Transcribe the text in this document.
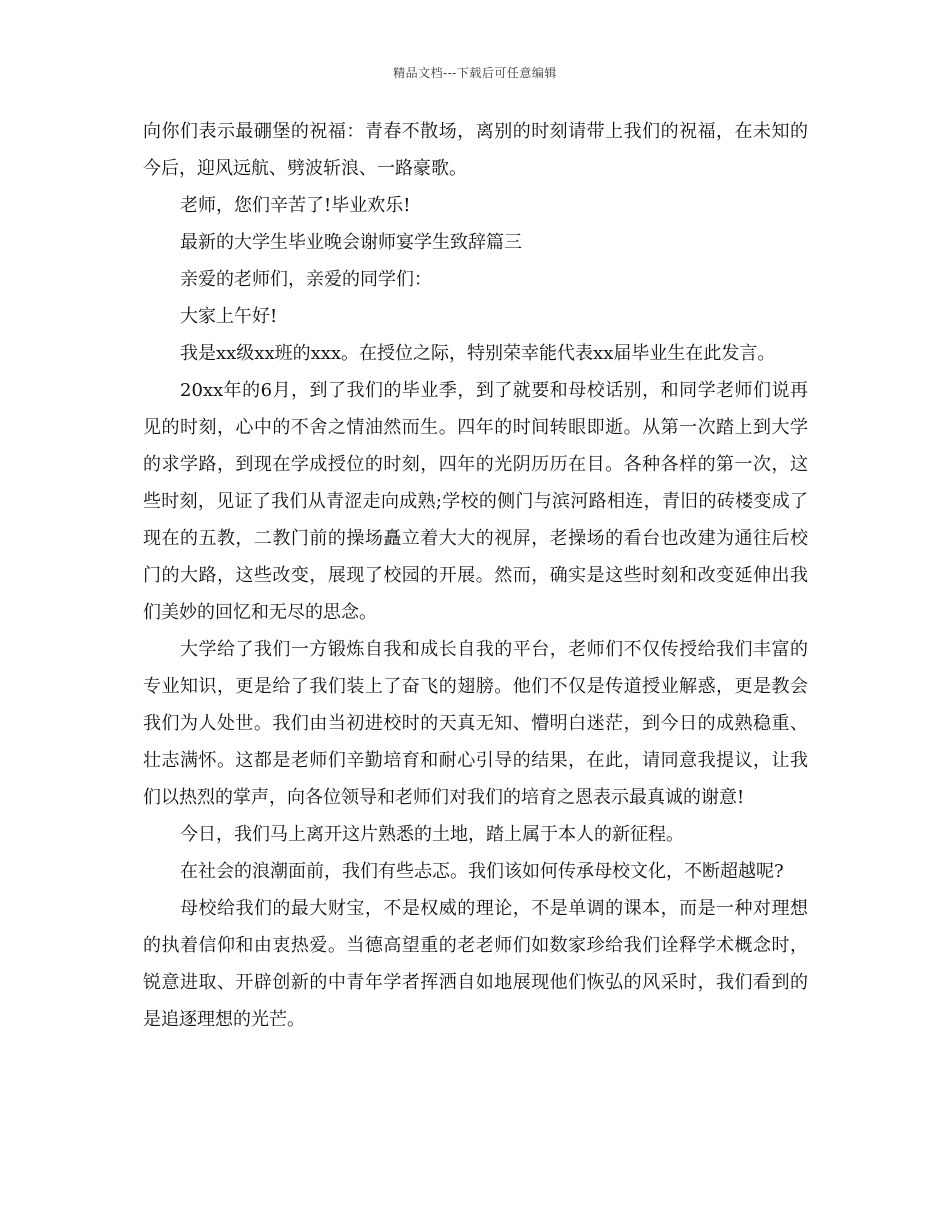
精品文档---下载后可任意编辑

向你们表示最硼堡的祝福：青春不散场，离别的时刻请带上我们的祝福，在未知的今后，迎风远航、劈波斩浪、一路豪歌。

老师，您们辛苦了!毕业欢乐!

最新的大学生毕业晚会谢师宴学生致辞篇三

亲爱的老师们，亲爱的同学们：

大家上午好!

我是xx级xx班的xxx。在授位之际，特别荣幸能代表xx届毕业生在此发言。

20xx年的6月，到了我们的毕业季，到了就要和母校话别，和同学老师们说再见的时刻，心中的不舍之情油然而生。四年的时间转眼即逝。从第一次踏上到大学的求学路，到现在学成授位的时刻，四年的光阴历历在目。各种各样的第一次，这些时刻，见证了我们从青涩走向成熟;学校的侧门与滨河路相连，青旧的砖楼变成了现在的五教，二教门前的操场矗立着大大的视屏，老操场的看台也改建为通往后校门的大路，这些改变，展现了校园的开展。然而，确实是这些时刻和改变延伸出我们美妙的回忆和无尽的思念。

大学给了我们一方锻炼自我和成长自我的平台，老师们不仅传授给我们丰富的专业知识，更是给了我们装上了奋飞的翅膀。他们不仅是传道授业解惑，更是教会我们为人处世。我们由当初进校时的天真无知、懵明白迷茫，到今日的成熟稳重、壮志满怀。这都是老师们辛勤培育和耐心引导的结果，在此，请同意我提议，让我们以热烈的掌声，向各位领导和老师们对我们的培育之恩表示最真诚的谢意!

今日，我们马上离开这片熟悉的土地，踏上属于本人的新征程。

在社会的浪潮面前，我们有些忐忑。我们该如何传承母校文化，不断超越呢?

母校给我们的最大财宝，不是权威的理论，不是单调的课本，而是一种对理想的执着信仰和由衷热爱。当德高望重的老老师们如数家珍给我们诠释学术概念时，锐意进取、开辟创新的中青年学者挥洒自如地展现他们恢弘的风采时，我们看到的是追逐理想的光芒。
